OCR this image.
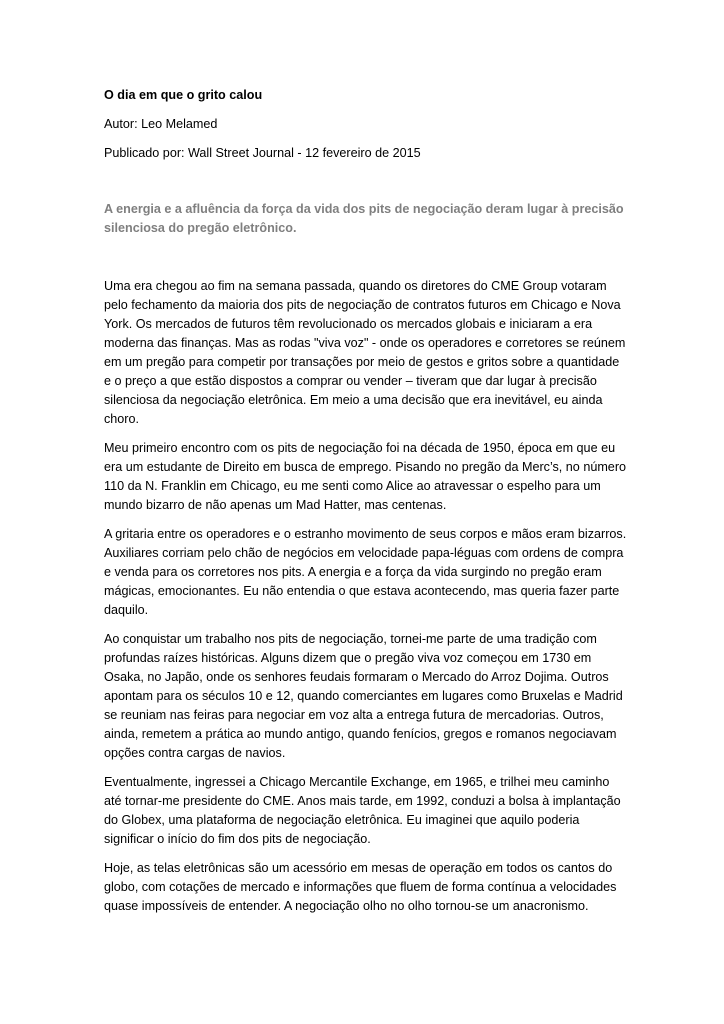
O dia em que o grito calou
Autor: Leo Melamed
Publicado por: Wall Street Journal - 12 fevereiro de 2015
A energia e a afluência da força da vida dos pits de negociação deram lugar à precisão silenciosa do pregão eletrônico.

Uma era chegou ao fim na semana passada, quando os diretores do CME Group votaram pelo fechamento da maioria dos pits de negociação de contratos futuros em Chicago e Nova York. Os mercados de futuros têm revolucionado os mercados globais e iniciaram a era moderna das finanças. Mas as rodas "viva voz" - onde os operadores e corretores se reúnem em um pregão para competir por transações por meio de gestos e gritos sobre a quantidade e o preço a que estão dispostos a comprar ou vender – tiveram que dar lugar à precisão silenciosa da negociação eletrônica. Em meio a uma decisão que era inevitável, eu ainda choro.

Meu primeiro encontro com os pits de negociação foi na década de 1950, época em que eu era um estudante de Direito em busca de emprego. Pisando no pregão da Merc’s, no número 110 da N. Franklin em Chicago, eu me senti como Alice ao atravessar o espelho para um mundo bizarro de não apenas um Mad Hatter, mas centenas.

A gritaria entre os operadores e o estranho movimento de seus corpos e mãos eram bizarros. Auxiliares corriam pelo chão de negócios em velocidade papa-léguas com ordens de compra e venda para os corretores nos pits. A energia e a força da vida surgindo no pregão eram mágicas, emocionantes. Eu não entendia o que estava acontecendo, mas queria fazer parte daquilo.

Ao conquistar um trabalho nos pits de negociação, tornei-me parte de uma tradição com profundas raízes históricas. Alguns dizem que o pregão viva voz começou em 1730 em Osaka, no Japão, onde os senhores feudais formaram o Mercado do Arroz Dojima. Outros apontam para os séculos 10 e 12, quando comerciantes em lugares como Bruxelas e Madrid se reuniam nas feiras para negociar em voz alta a entrega futura de mercadorias. Outros, ainda, remetem a prática ao mundo antigo, quando fenícios, gregos e romanos negociavam opções contra cargas de navios.

Eventualmente, ingressei a Chicago Mercantile Exchange, em 1965, e trilhei meu caminho até tornar-me presidente do CME. Anos mais tarde, em 1992, conduzi a bolsa à implantação do Globex, uma plataforma de negociação eletrônica. Eu imaginei que aquilo poderia significar o início do fim dos pits de negociação.

Hoje, as telas eletrônicas são um acessório em mesas de operação em todos os cantos do globo, com cotações de mercado e informações que fluem de forma contínua a velocidades quase impossíveis de entender. A negociação olho no olho tornou-se um anacronismo.
